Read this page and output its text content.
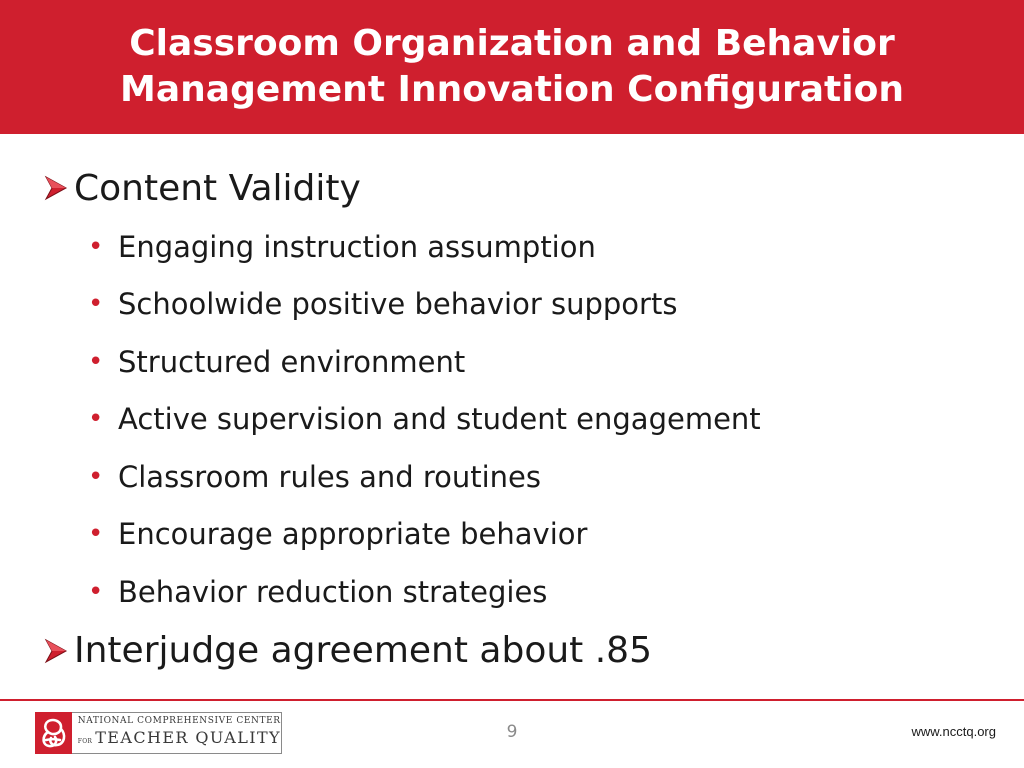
Classroom Organization and Behavior
Management Innovation Configuration
Content Validity
• Engaging instruction assumption
• Schoolwide positive behavior supports
• Structured environment
• Active supervision and student engagement
• Classroom rules and routines
• Encourage appropriate behavior
• Behavior reduction strategies
Interjudge agreement about .85
NATIONAL COMPREHENSIVE CENTER
FOR TEACHER QUALITY	9	www.ncctq.org
